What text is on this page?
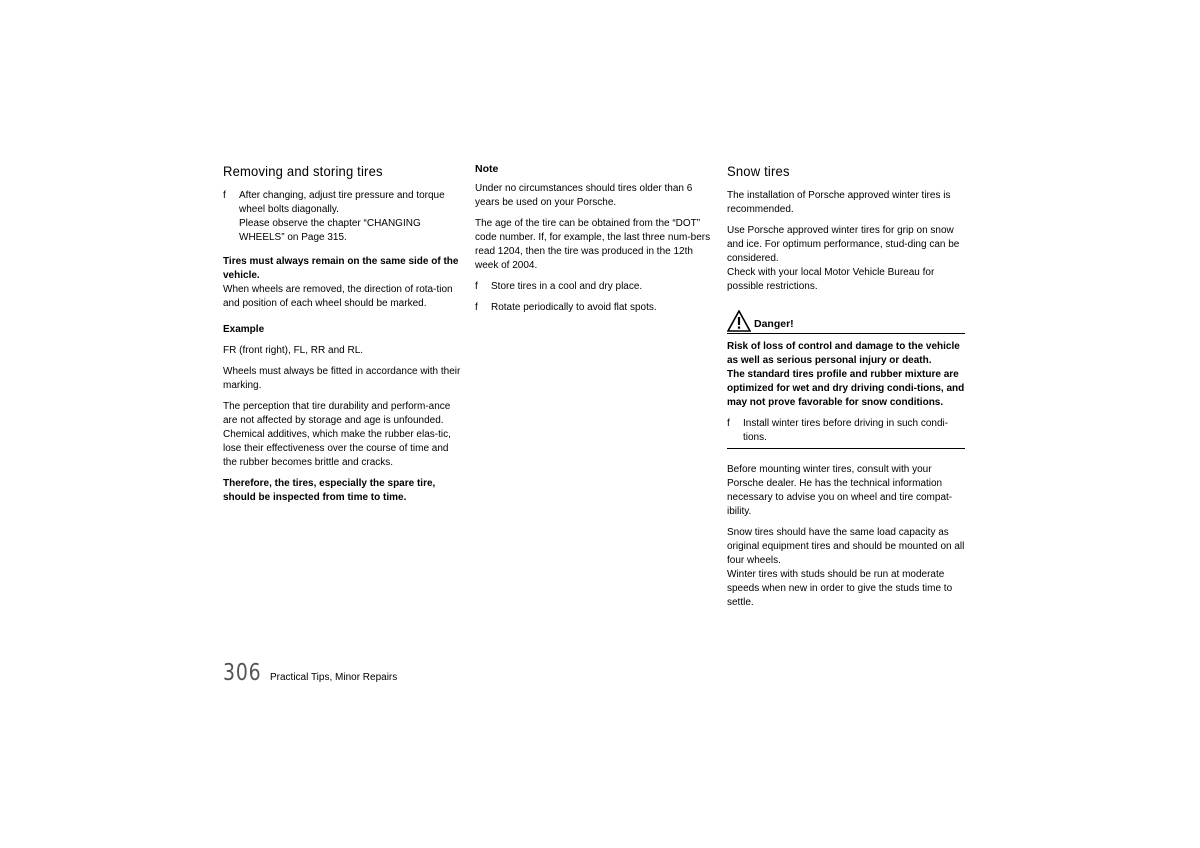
Removing and storing tires
f	After changing, adjust tire pressure and torque wheel bolts diagonally.
Please observe the chapter “CHANGING WHEELS” on Page 315.

Tires must always remain on the same side of the vehicle.

When wheels are removed, the direction of rota-tion and position of each wheel should be marked.

Example

FR (front right), FL, RR and RL.

Wheels must always be fitted in accordance with their marking.

The perception that tire durability and perform-ance are not affected by storage and age is unfounded.

Chemical additives, which make the rubber elas-tic, lose their effectiveness over the course of time and the rubber becomes brittle and cracks.

Therefore, the tires, especially the spare tire, should be inspected from time to time.

Note

Under no circumstances should tires older than 6 years be used on your Porsche.

The age of the tire can be obtained from the “DOT” code number. If, for example, the last three num-bers read 1204, then the tire was produced in the 12th week of 2004.

f	Store tires in a cool and dry place.
f	Rotate periodically to avoid flat spots.
Snow tires

The installation of Porsche approved winter tires is recommended.

Use Porsche approved winter tires for grip on snow and ice. For optimum performance, stud-ding can be considered.

Check with your local Motor Vehicle Bureau for possible restrictions.

Danger!

Risk of loss of control and damage to the vehicle as well as serious personal injury or death.

The standard tires profile and rubber mixture are optimized for wet and dry driving condi-tions, and may not prove favorable for snow conditions.

f	Install winter tires before driving in such condi-tions.

Before mounting winter tires, consult with your Porsche dealer. He has the technical information necessary to advise you on wheel and tire compat-ibility.

Snow tires should have the same load capacity as original equipment tires and should be mounted on all four wheels.

Winter tires with studs should be run at moderate speeds when new in order to give the studs time to settle.

306 Practical Tips, Minor Repairs
